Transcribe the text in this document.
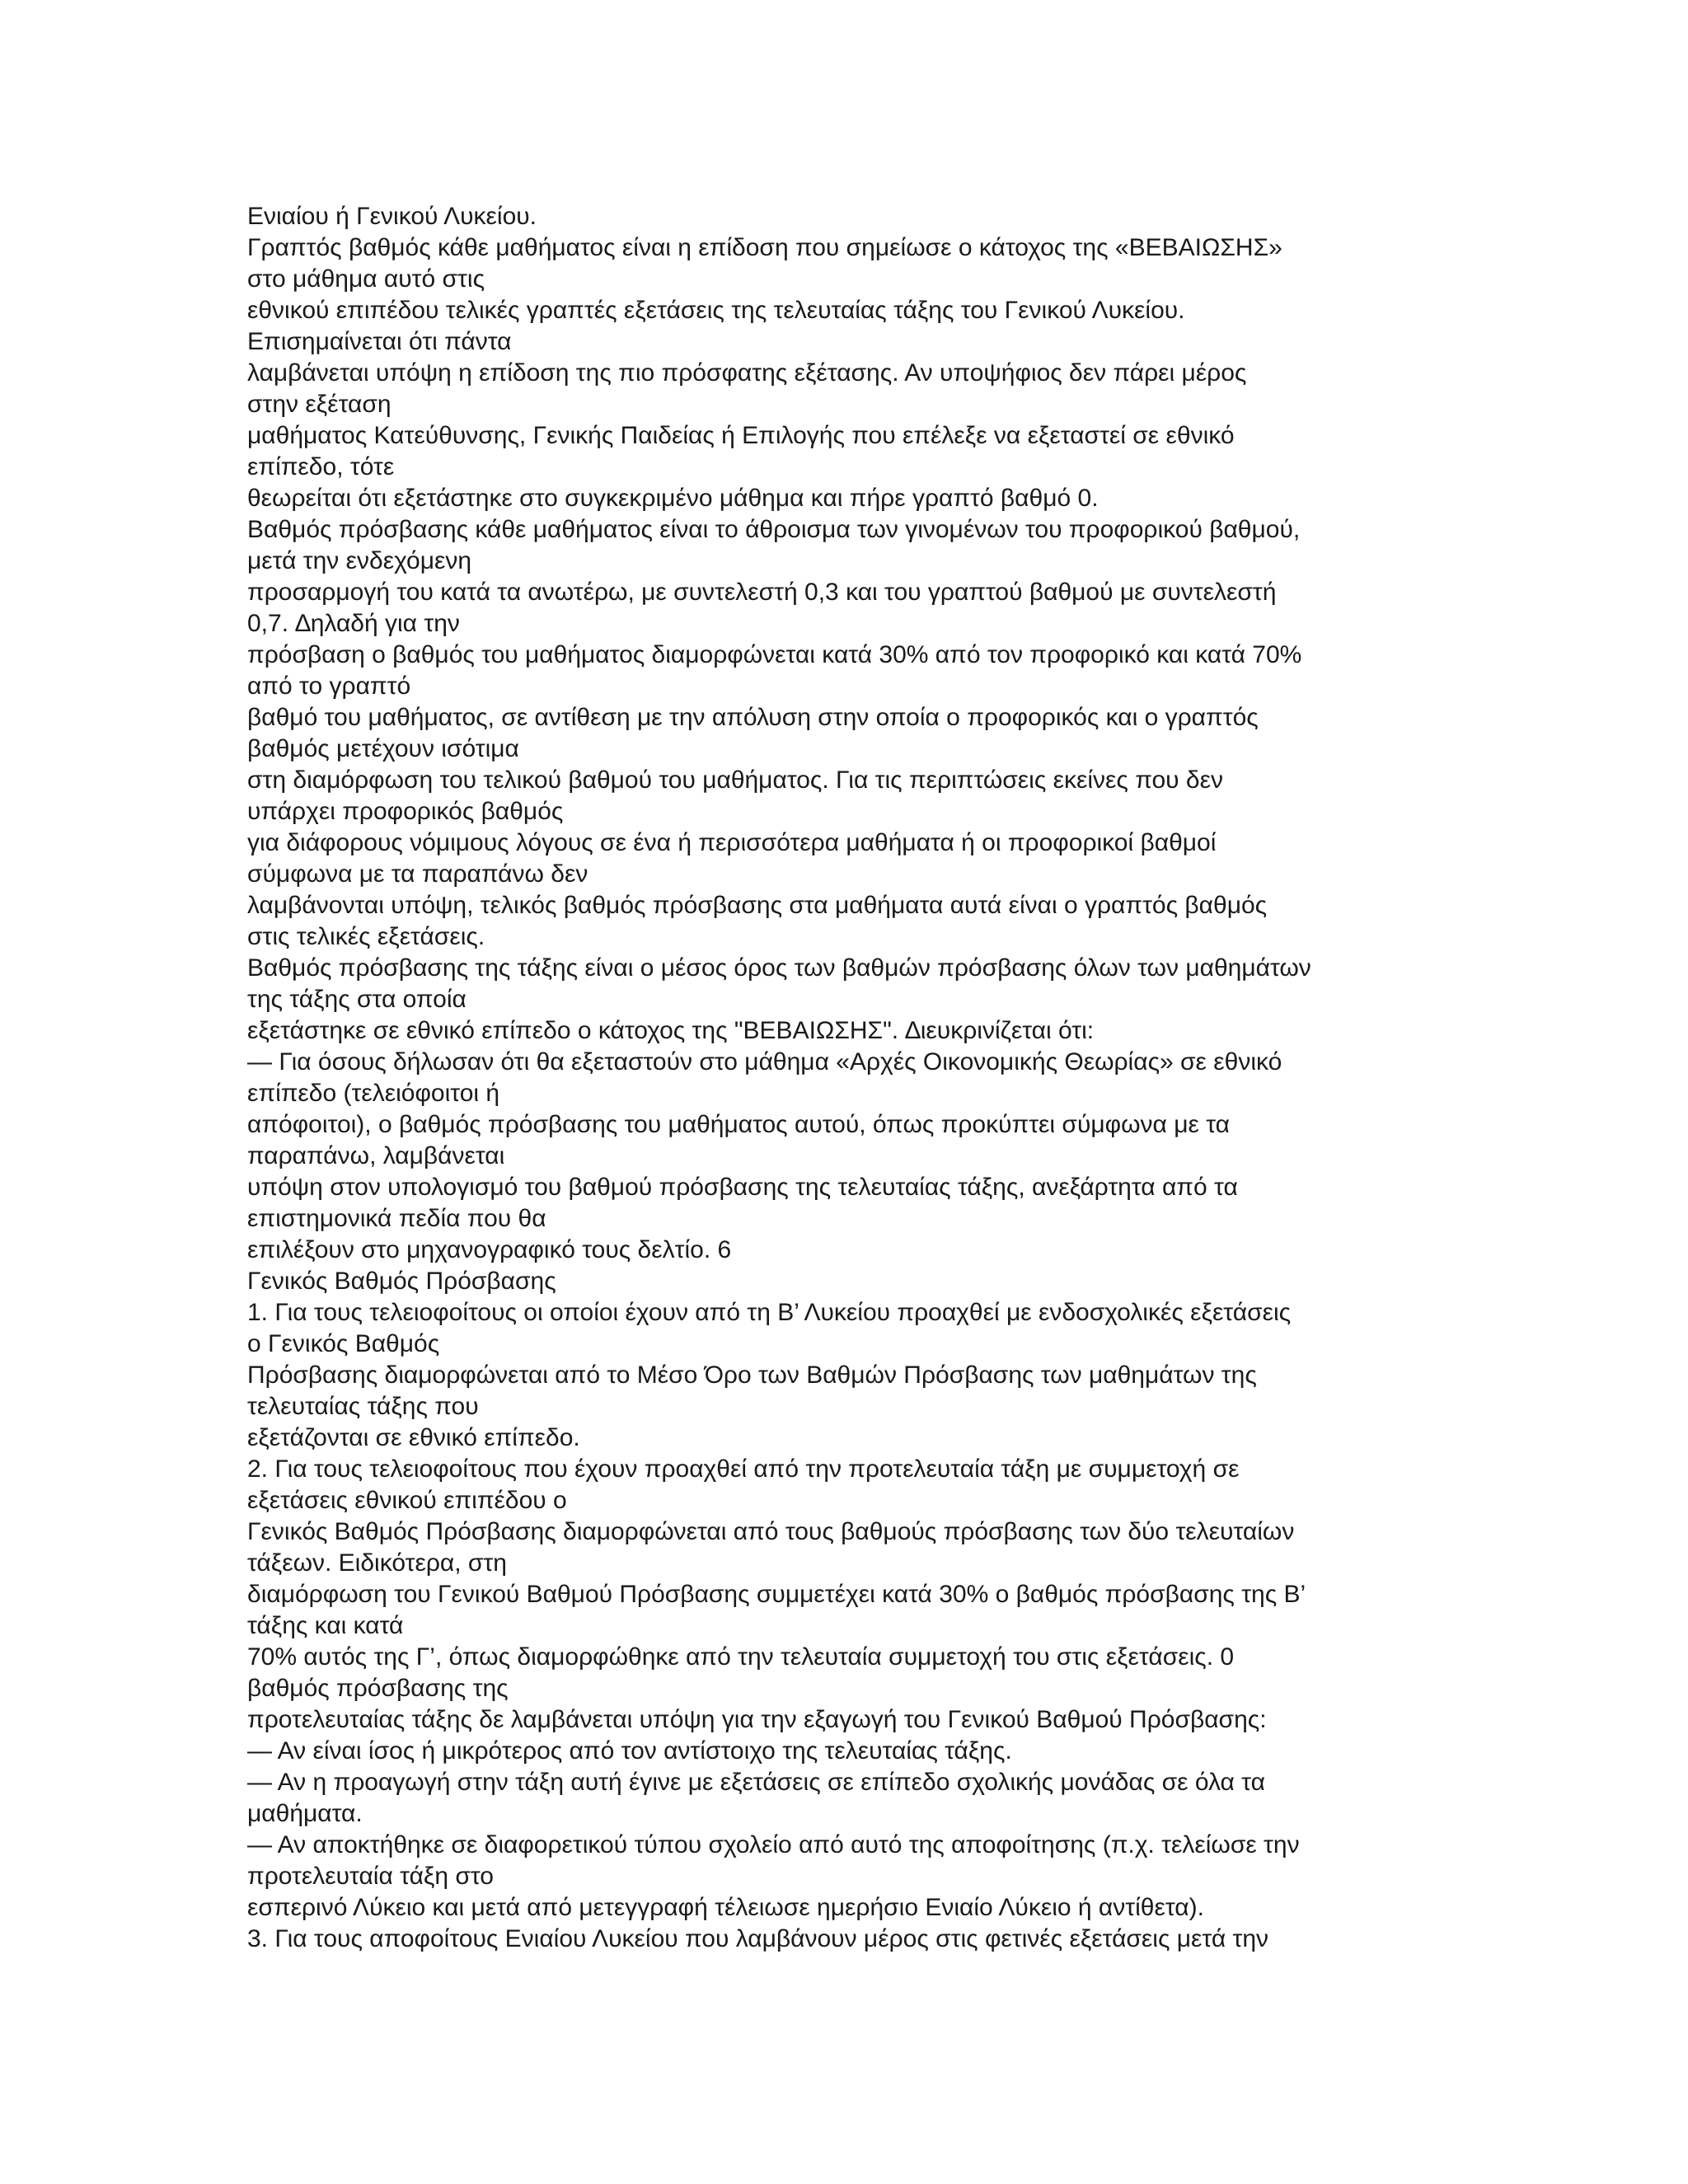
Ενιαίου ή Γενικού Λυκείου.

Γραπτός βαθμός κάθε μαθήματος είναι η επίδοση που σημείωσε ο κάτοχος της «ΒΕΒΑΙΩΣΗΣ»

στο μάθημα αυτό στις

εθνικού επιπέδου τελικές γραπτές εξετάσεις της τελευταίας τάξης του Γενικού Λυκείου.

Επισημαίνεται ότι πάντα

λαμβάνεται υπόψη η επίδοση της πιο πρόσφατης εξέτασης. Αν υποψήφιος δεν πάρει μέρος

στην εξέταση

μαθήματος Κατεύθυνσης, Γενικής Παιδείας ή Επιλογής που επέλεξε να εξεταστεί σε εθνικό

επίπεδο, τότε

θεωρείται ότι εξετάστηκε στο συγκεκριμένο μάθημα και πήρε γραπτό βαθμό 0.

Βαθμός πρόσβασης κάθε μαθήματος είναι το άθροισμα των γινομένων του προφορικού βαθμού,

μετά την ενδεχόμενη

προσαρμογή του κατά τα ανωτέρω, με συντελεστή 0,3 και του γραπτού βαθμού με συντελεστή

0,7. ∆ηλαδή για την

πρόσβαση ο βαθμός του μαθήματος διαμορφώνεται κατά 30% από τον προφορικό και κατά 70%

από το γραπτό

βαθμό του μαθήματος, σε αντίθεση με την απόλυση στην οποία ο προφορικός και ο γραπτός

βαθμός μετέχουν ισότιμα

στη διαμόρφωση του τελικού βαθμού του μαθήματος. Για τις περιπτώσεις εκείνες που δεν

υπάρχει προφορικός βαθμός

για διάφορους νόμιμους λόγους σε ένα ή περισσότερα μαθήματα ή οι προφορικοί βαθμοί

σύμφωνα με τα παραπάνω δεν

λαμβάνονται υπόψη, τελικός βαθμός πρόσβασης στα μαθήματα αυτά είναι ο γραπτός βαθμός

στις τελικές εξετάσεις.

Βαθμός πρόσβασης της τάξης είναι ο μέσος όρος των βαθμών πρόσβασης όλων των μαθημάτων

της τάξης στα οποία

εξετάστηκε σε εθνικό επίπεδο ο κάτοχος της "ΒΕΒΑΙΩΣΗΣ". ∆ιευκρινίζεται ότι:

— Για όσους δήλωσαν ότι θα εξεταστούν στο μάθημα «Αρχές Οικονομικής Θεωρίας» σε εθνικό

επίπεδο (τελειόφοιτοι ή

απόφοιτοι), ο βαθμός πρόσβασης του μαθήματος αυτού, όπως προκύπτει σύμφωνα με τα

παραπάνω, λαμβάνεται

υπόψη στον υπολογισμό του βαθμού πρόσβασης της τελευταίας τάξης, ανεξάρτητα από τα

επιστημονικά πεδία που θα

επιλέξουν στο μηχανογραφικό τους δελτίο. 6

Γενικός Βαθμός Πρόσβασης

1. Για τους τελειοφοίτους οι οποίοι έχουν από τη Β’ Λυκείου προαχθεί με ενδοσχολικές εξετάσεις

ο Γενικός Βαθμός

Πρόσβασης διαμορφώνεται από το Μέσο Όρο των Βαθμών Πρόσβασης των μαθημάτων της

τελευταίας τάξης που

εξετάζονται σε εθνικό επίπεδο.

2. Για τους τελειοφοίτους που έχουν προαχθεί από την προτελευταία τάξη με συμμετοχή σε

εξετάσεις εθνικού επιπέδου ο

Γενικός Βαθμός Πρόσβασης διαμορφώνεται από τους βαθμούς πρόσβασης των δύο τελευταίων

τάξεων. Ειδικότερα, στη

διαμόρφωση του Γενικού Βαθμού Πρόσβασης συμμετέχει κατά 30% ο βαθμός πρόσβασης της Β’

τάξης και κατά

70% αυτός της Γ’, όπως διαμορφώθηκε από την τελευταία συμμετοχή του στις εξετάσεις. 0

βαθμός πρόσβασης της

προτελευταίας τάξης δε λαμβάνεται υπόψη για την εξαγωγή του Γενικού Βαθμού Πρόσβασης:

— Αν είναι ίσος ή μικρότερος από τον αντίστοιχο της τελευταίας τάξης.

— Αν η προαγωγή στην τάξη αυτή έγινε με εξετάσεις σε επίπεδο σχολικής μονάδας σε όλα τα

μαθήματα.

— Αν αποκτήθηκε σε διαφορετικού τύπου σχολείο από αυτό της αποφοίτησης (π.χ. τελείωσε την

προτελευταία τάξη στο

εσπερινό Λύκειο και μετά από μετεγγραφή τέλειωσε ημερήσιο Ενιαίο Λύκειο ή αντίθετα).

3. Για τους αποφοίτους Ενιαίου Λυκείου που λαμβάνουν μέρος στις φετινές εξετάσεις μετά την
